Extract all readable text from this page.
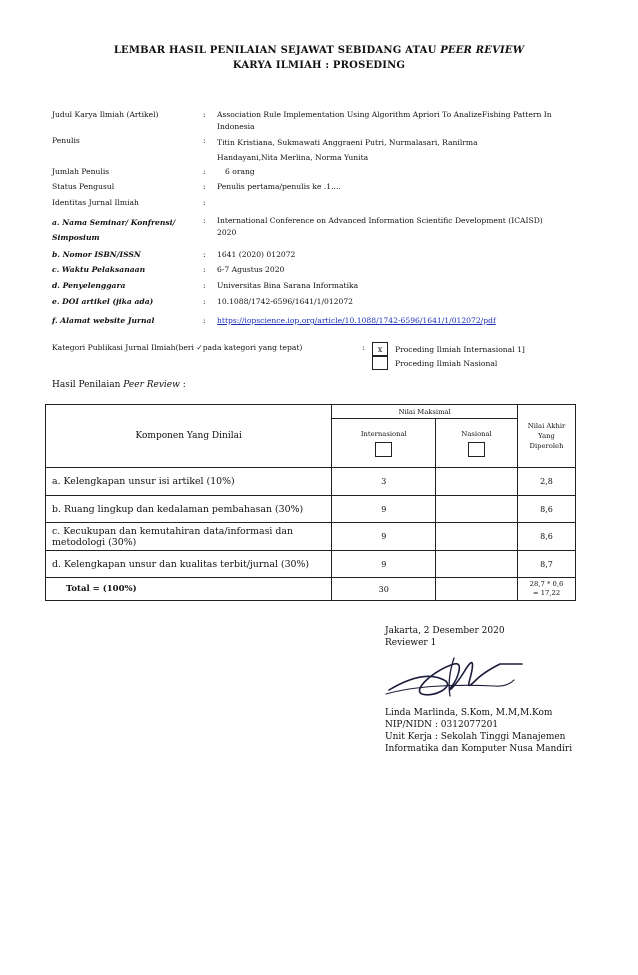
LEMBAR HASIL PENILAIAN SEJAWAT SEBIDANG ATAU PEER REVIEW
KARYA ILMIAH : PROSEDING
Judul Karya Ilmiah (Artikel)	: Association Rule Implementation Using Algorithm Apriori To AnalizeFishing Pattern In Indonesia
Penulis	: Titin Kristiana, Sukmawati Anggraeni Putri, Nurmalasari, Ranilrma Handayani,Nita Merlina, Norma Yunita
Jumlah Penulis	:	6 orang
Status Pengusul	: Penulis pertama/penulis ke .1....
Identitas Jurnal Ilmiah	:
a. Nama Seminar/ Konfrensi/ Simposium
: International Conference on Advanced Information Scientific Development (ICAISD) 2020
b. Nomor ISBN/ISSN	: 1641 (2020) 012072
c. Waktu Pelaksanaan	: 6-7 Agustus 2020
d. Penyelenggara	: Universitas Bina Sarana Informatika
e. DOI artikel (jika ada)	: 10.1088/1742-6596/1641/1/012072
f. Alamat website Jurnal	: https://iopscience.iop.org/article/10.1088/1742-6596/1641/1/012072/pdf
Kategori Publikasi Jurnal Ilmiah(beri ✓pada kategori yang tepat)	:	x	Proceding Ilmiah Internasional 1]
Proceding Ilmiah Nasional
Hasil Penilaian Peer Review :
Komponen Yang Dinilai	Nilai Maksimal		Nilai Akhir Yang Diperoleh

	Internasional	Nasional	

a. Kelengkapan unsur isi artikel (10%)	3		2,8
b. Ruang lingkup dan kedalaman pembahasan (30%)	9		8,6
c. Kecukupan dan kemutahiran data/informasi dan metodologi (30%)	9		8,6
d. Kelengkapan unsur dan kualitas terbit/jurnal (30%)	9		8,7
Total = (100%)	30		28,7 * 0,6
= 17,22
Jakarta, 2 Desember 2020
Reviewer 1
Linda Marlinda, S.Kom, M.M,M.Kom
NIP/NIDN : 0312077201
Unit Kerja : Sekolah Tinggi Manajemen Informatika dan Komputer Nusa Mandiri
